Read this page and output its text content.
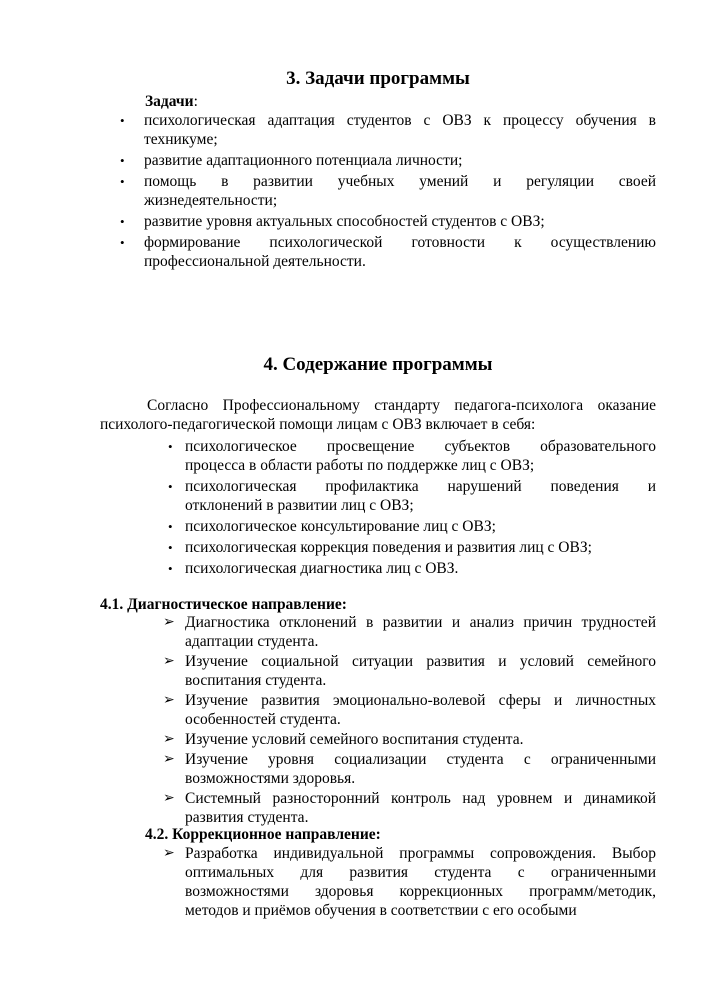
3. Задачи программы
Задачи:
• психологическая адаптация студентов с ОВЗ к процессу обучения в
техникуме;
• развитие адаптационного потенциала личности;
• помощь в развитии учебных умений и регуляции своей
жизнедеятельности;
• развитие уровня актуальных способностей студентов с ОВЗ;
• формирование психологической готовности к осуществлению
профессиональной деятельности.
4. Содержание программы
Согласно Профессиональному стандарту педагога-психолога оказание
психолого-педагогической помощи лицам с ОВЗ включает в себя:
• психологическое просвещение субъектов образовательного
процесса в области работы по поддержке лиц с ОВЗ;
• психологическая профилактика нарушений поведения и
отклонений в развитии лиц с ОВЗ;
• психологическое консультирование лиц с ОВЗ;
• психологическая коррекция поведения и развития лиц с ОВЗ;
• психологическая диагностика лиц с ОВЗ.
4.1. Диагностическое направление:
➢ Диагностика отклонений в развитии и анализ причин трудностей
адаптации студента.
➢ Изучение социальной ситуации развития и условий семейного
воспитания студента.
➢ Изучение развития эмоционально-волевой сферы и личностных
особенностей студента.
➢ Изучение условий семейного воспитания студента.
➢ Изучение уровня социализации студента с ограниченными
возможностями здоровья.
➢ Системный разносторонний контроль над уровнем и динамикой
развития студента.
4.2. Коррекционное направление:
➢ Разработка индивидуальной программы сопровождения. Выбор
оптимальных для развития студента с ограниченными
возможностями здоровья коррекционных программ/методик,
методов и приёмов обучения в соответствии с его особыми
